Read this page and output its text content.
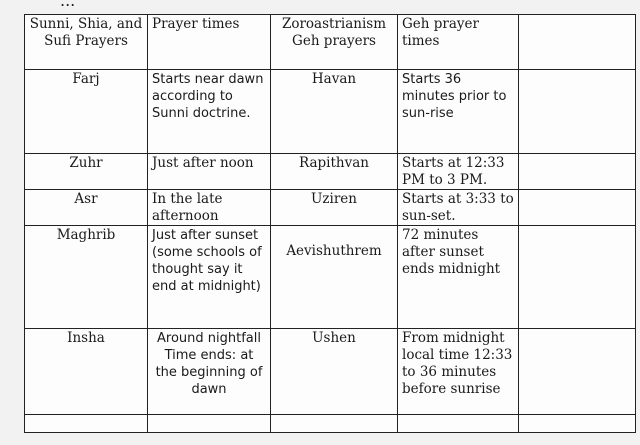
...
Sunni, Shia, and Sufi Prayers	Prayer times	Zoroastrianism Geh prayers	Geh prayer times	
Farj	Starts near dawn according to Sunni doctrine.	Havan	Starts 36 minutes prior to sun-rise	
Zuhr	Just after noon	Rapithvan	Starts at 12:33 PM to 3 PM.	
Asr	In the late afternoon	Uziren	Starts at 3:33 to sun-set.	
Maghrib	Just after sunset (some schools of thought say it end at midnight)	Aevishuthrem	72 minutes after sunset ends midnight	
Insha	Around nightfall Time ends: at the beginning of dawn	Ushen	From midnight local time 12:33 to 36 minutes before sunrise	
